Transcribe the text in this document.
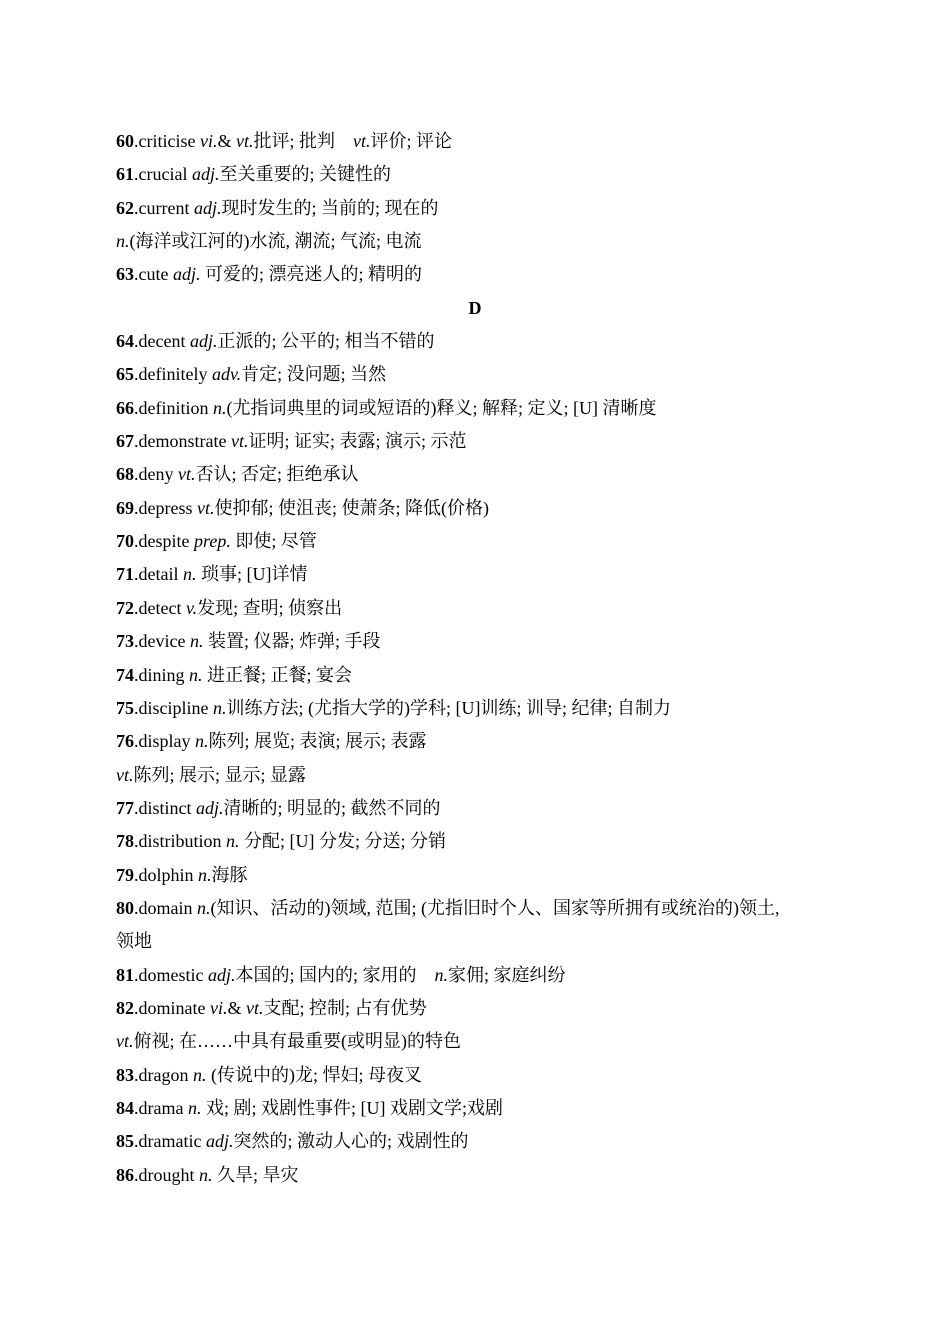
60.criticise vi.& vt.批评; 批判　vt.评价; 评论
61.crucial adj.至关重要的; 关键性的
62.current adj.现时发生的; 当前的; 现在的
n.(海洋或江河的)水流, 潮流; 气流; 电流
63.cute adj. 可爱的; 漂亮迷人的; 精明的
D
64.decent adj.正派的; 公平的; 相当不错的
65.definitely adv.肯定; 没问题; 当然
66.definition n.(尤指词典里的词或短语的)释义; 解释; 定义; [U] 清晰度
67.demonstrate vt.证明; 证实; 表露; 演示; 示范
68.deny vt.否认; 否定; 拒绝承认
69.depress vt.使抑郁; 使沮丧; 使萧条; 降低(价格)
70.despite prep. 即使; 尽管
71.detail n. 琐事; [U]详情
72.detect v.发现; 查明; 侦察出
73.device n. 装置; 仪器; 炸弹; 手段
74.dining n. 进正餐; 正餐; 宴会
75.discipline n.训练方法; (尤指大学的)学科; [U]训练; 训导; 纪律; 自制力
76.display n.陈列; 展览; 表演; 展示; 表露
vt.陈列; 展示; 显示; 显露
77.distinct adj.清晰的; 明显的; 截然不同的
78.distribution n. 分配; [U] 分发; 分送; 分销
79.dolphin n.海豚
80.domain n.(知识、活动的)领域, 范围; (尤指旧时个人、国家等所拥有或统治的)领土,
领地
81.domestic adj.本国的; 国内的; 家用的　n.家佣; 家庭纠纷
82.dominate vi.& vt.支配; 控制; 占有优势
vt.俯视; 在……中具有最重要(或明显)的特色
83.dragon n. (传说中的)龙; 悍妇; 母夜叉
84.drama n. 戏; 剧; 戏剧性事件; [U] 戏剧文学;戏剧
85.dramatic adj.突然的; 激动人心的; 戏剧性的
86.drought n. 久旱; 旱灾
